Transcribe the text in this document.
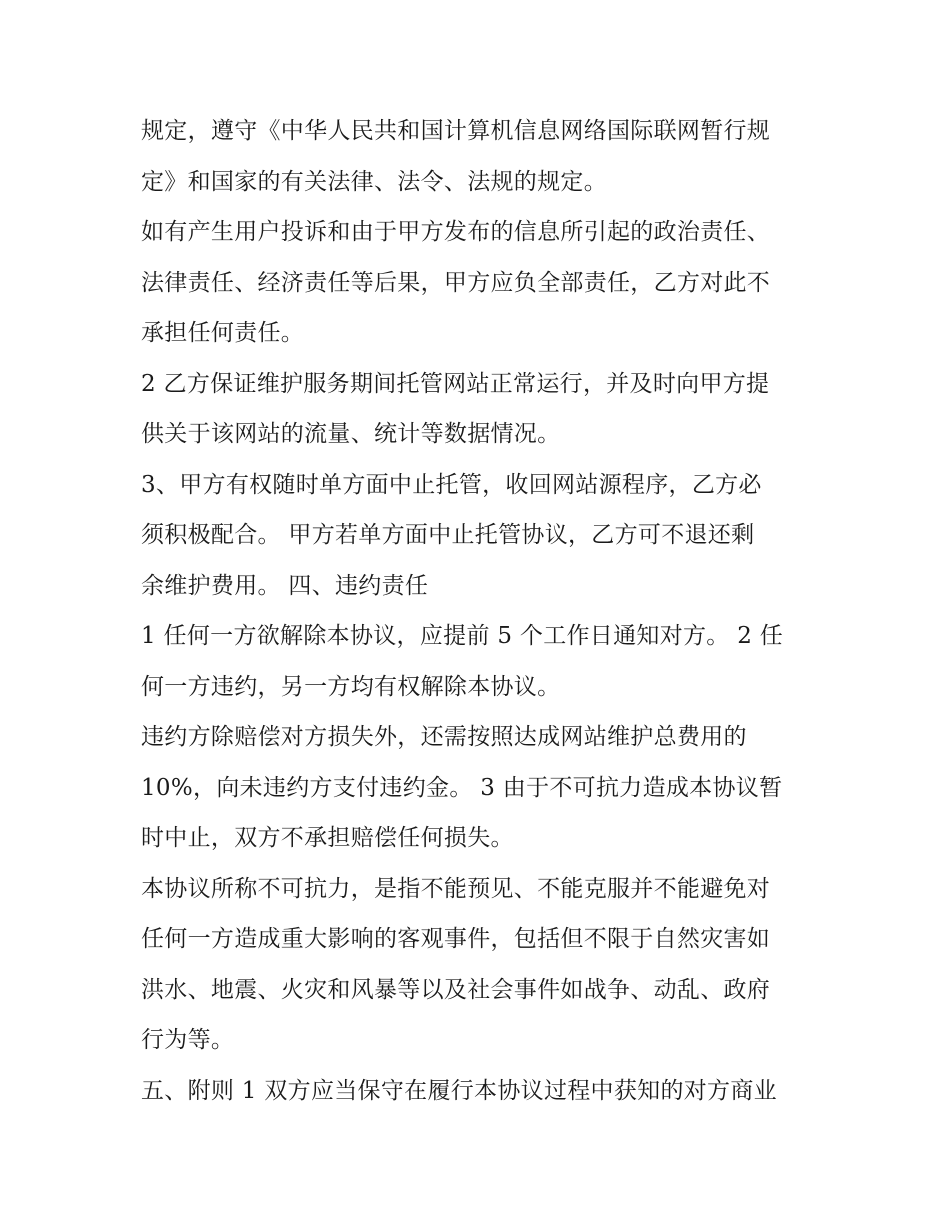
规定，遵守《中华人民共和国计算机信息网络国际联网暂行规
定》和国家的有关法律、法令、法规的规定。

如有产生用户投诉和由于甲方发布的信息所引起的政治责任、
法律责任、经济责任等后果，甲方应负全部责任，乙方对此不
承担任何责任。

2 乙方保证维护服务期间托管网站正常运行，并及时向甲方提
供关于该网站的流量、统计等数据情况。

3、甲方有权随时单方面中止托管，收回网站源程序，乙方必
须积极配合。 甲方若单方面中止托管协议，乙方可不退还剩
余维护费用。 四、违约责任

1 任何一方欲解除本协议，应提前 5 个工作日通知对方。 2 任
何一方违约，另一方均有权解除本协议。

违约方除赔偿对方损失外，还需按照达成网站维护总费用的
10%，向未违约方支付违约金。 3 由于不可抗力造成本协议暂
时中止，双方不承担赔偿任何损失。

本协议所称不可抗力，是指不能预见、不能克服并不能避免对
任何一方造成重大影响的客观事件，包括但不限于自然灾害如
洪水、地震、火灾和风暴等以及社会事件如战争、动乱、政府
行为等。

五、附则 1 双方应当保守在履行本协议过程中获知的对方商业
